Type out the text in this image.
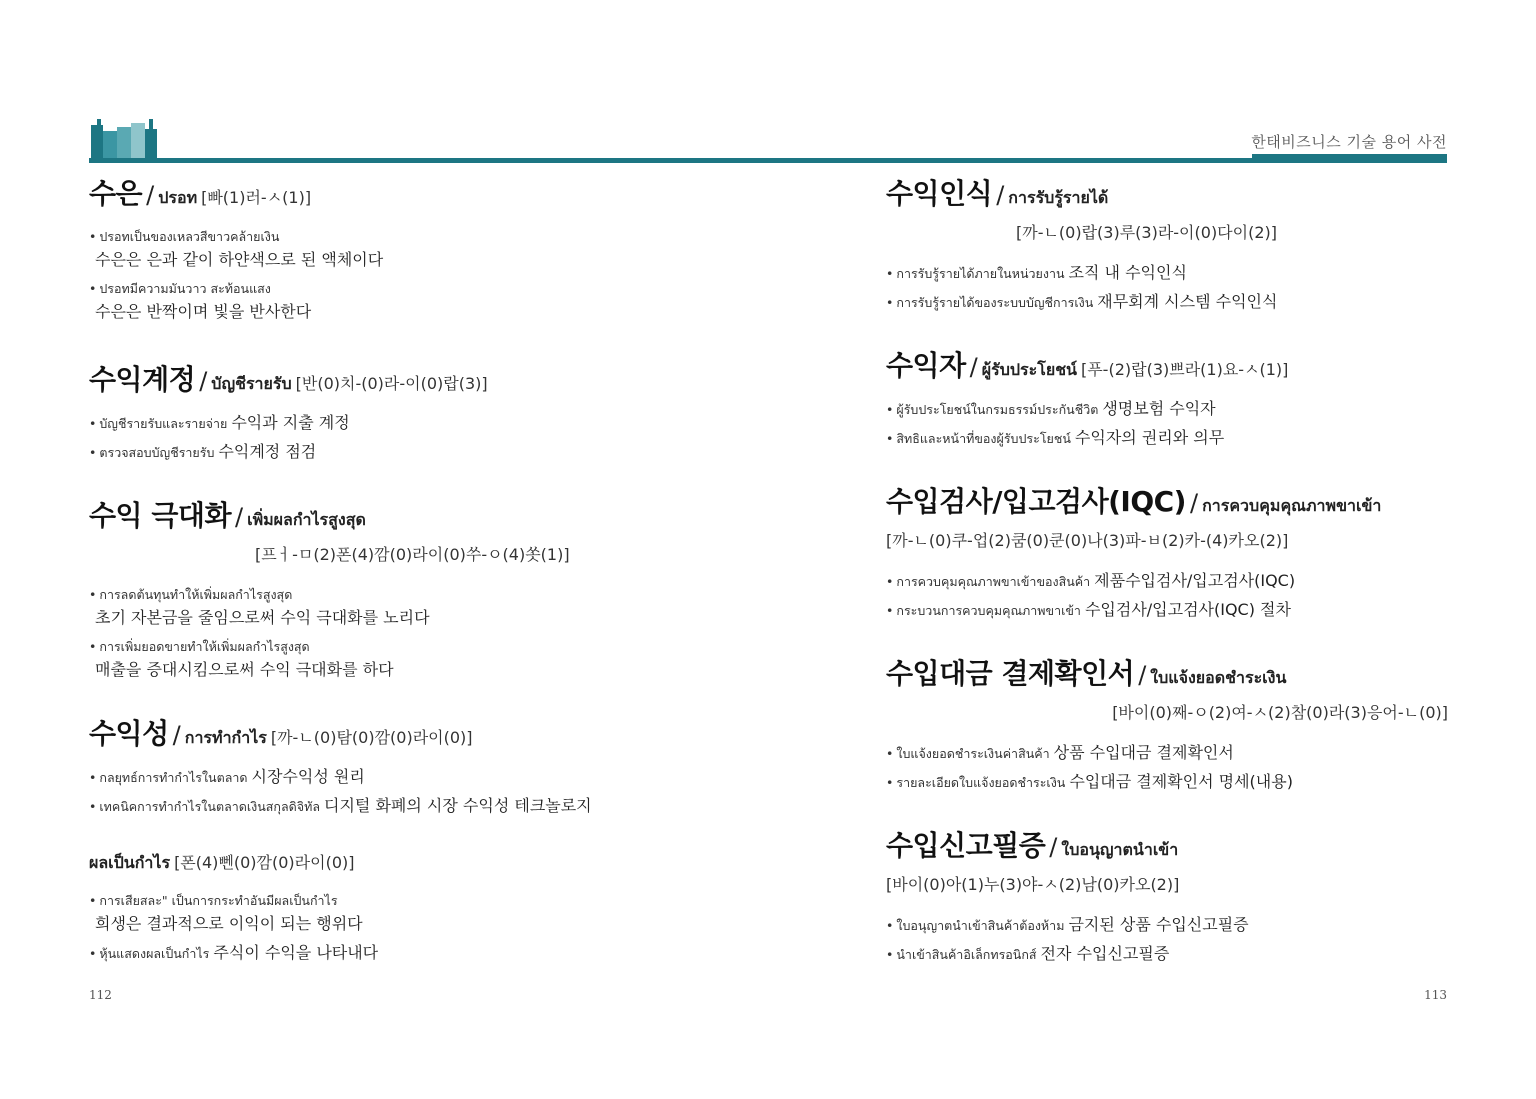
한태비즈니스 기술 용어 사전
수은 / ปรอท [빠(1)러-ㅅ(1)]
• ปรอทเป็นของเหลวสีขาวคล้ายเงิน
수은은 은과 같이 하얀색으로 된 액체이다
• ปรอทมีความมันวาว สะท้อนแสง
수은은 반짝이며 빛을 반사한다
수익계정 / บัญชีรายรับ [반(0)치-(0)라-이(0)랍(3)]
• บัญชีรายรับและรายจ่าย 수익과 지출 계정
• ตรวจสอบบัญชีรายรับ 수익계정 점검
수익 극대화 / เพิ่มผลกำไรสูงสุด
[프ㅓ-ㅁ(2)폰(4)깜(0)라이(0)쑤-ㅇ(4)쏫(1)]
• การลดต้นทุนทำให้เพิ่มผลกำไรสูงสุด
초기 자본금을 줄임으로써 수익 극대화를 노리다
• การเพิ่มยอดขายทำให้เพิ่มผลกำไรสูงสุด
매출을 증대시킴으로써 수익 극대화를 하다
수익성 / การทำกำไร [까-ㄴ(0)탐(0)깜(0)라이(0)]
• กลยุทธ์การทำกำไรในตลาด 시장수익성 원리
• เทคนิคการทำกำไรในตลาดเงินสกุลดิจิทัล 디지털 화폐의 시장 수익성 테크놀로지
ผลเป็นกำไร [폰(4)뻰(0)깜(0)라이(0)]
• การเสียสละ" เป็นการกระทำอันมีผลเป็นกำไร
희생은 결과적으로 이익이 되는 행위다
• หุ้นแสดงผลเป็นกำไร 주식이 수익을 나타내다
수익인식 / การรับรู้รายได้
[까-ㄴ(0)랍(3)루(3)라-이(0)다이(2)]
• การรับรู้รายได้ภายในหน่วยงาน 조직 내 수익인식
• การรับรู้รายได้ของระบบบัญชีการเงิน 재무회계 시스템 수익인식
수익자 / ผู้รับประโยชน์ [푸-(2)랍(3)쁘라(1)요-ㅅ(1)]
• ผู้รับประโยชน์ในกรมธรรม์ประกันชีวิต 생명보험 수익자
• สิทธิและหน้าที่ของผู้รับประโยชน์ 수익자의 권리와 의무
수입검사/입고검사(IQC) / การควบคุมคุณภาพขาเข้า
[까-ㄴ(0)쿠-업(2)쿰(0)쿤(0)나(3)파-ㅂ(2)카-(4)카오(2)]
• การควบคุมคุณภาพขาเข้าของสินค้า 제품수입검사/입고검사(IQC)
• กระบวนการควบคุมคุณภาพขาเข้า 수입검사/입고검사(IQC) 절차
수입대금 결제확인서 / ใบแจ้งยอดชำระเงิน
[바이(0)째-ㅇ(2)여-ㅅ(2)참(0)라(3)응어-ㄴ(0)]
• ใบแจ้งยอดชำระเงินค่าสินค้า 상품 수입대금 결제확인서
• รายละเอียดใบแจ้งยอดชำระเงิน 수입대금 결제확인서 명세(내용)
수입신고필증 / ใบอนุญาตนำเข้า
[바이(0)아(1)누(3)야-ㅅ(2)남(0)카오(2)]
• ใบอนุญาตนำเข้าสินค้าต้องห้าม 금지된 상품 수입신고필증
• นำเข้าสินค้าอิเล็กทรอนิกส์ 전자 수입신고필증
112	113
